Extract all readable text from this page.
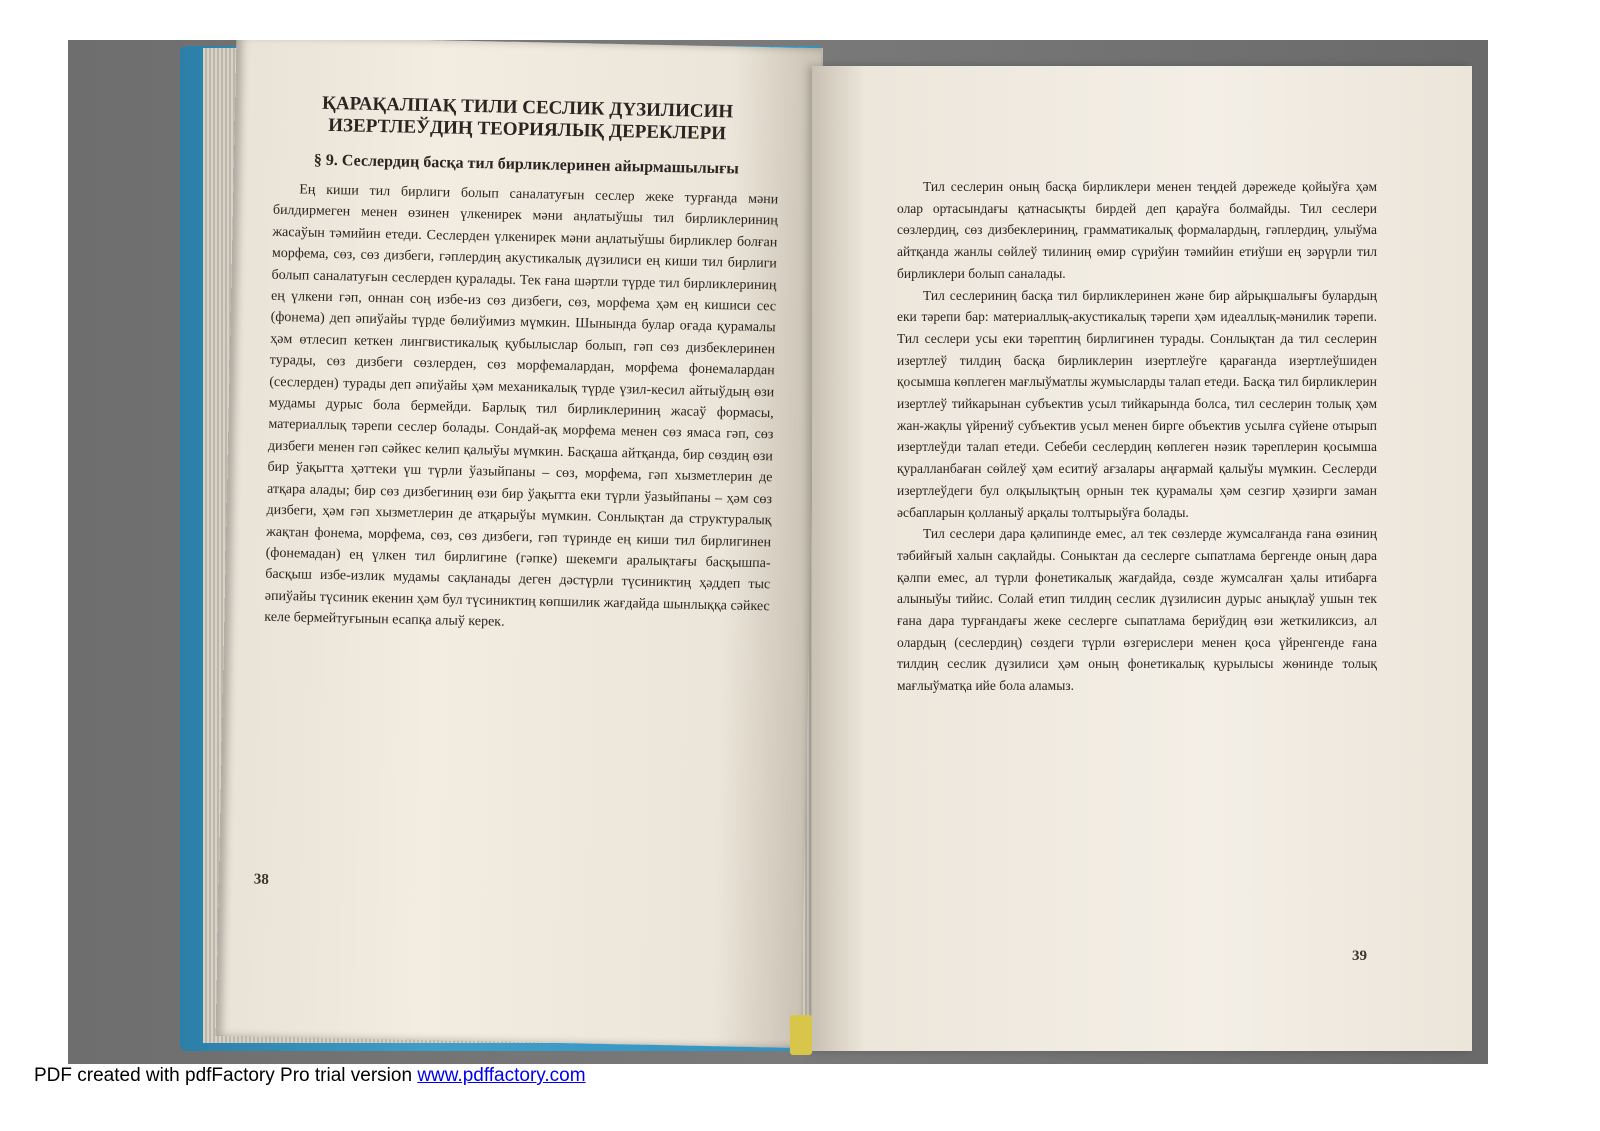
ҚАРАҚАЛПАҚ ТИЛИ СЕСЛИК ДҮЗИЛИСИН ИЗЕРТЛЕЎДИҢ ТЕОРИЯЛЫҚ ДЕРЕКЛЕРИ
§ 9. Сеслердиң басқа тил бирликлеринен айырмашылығы

Ең киши тил бирлиги болып саналатуғын сеслер жеке турғанда мәни билдирмеген менен өзинен үлкенирек мәни аңлатыўшы тил бирликлериниң жасаўын тәмийин етеди. Сеслерден үлкенирек мәни аңлатыўшы бирликлер болған морфема, сөз, сөз дизбеги, гәплердиң акустикалық дүзилиси ең киши тил бирлиги болып саналатуғын сеслерден қуралады. Тек ғана шәртли түрде тил бирликлериниң ең үлкени гәп, оннан соң избе-из сөз дизбеги, сөз, морфема ҳәм ең кишиси сес (фонема) деп әпиўайы түрде бөлиўимиз мүмкин. Шынында булар оғада қурамалы ҳәм өтлесип кеткен лингвистикалық қубылыслар болып, гәп сөз дизбеклеринен турады, сөз дизбеги сөзлерден, сөз морфемалардан, морфема фонемалардан (сеслерден) турады деп әпиўайы ҳәм механикалық түрде үзил-кесил айтыўдың өзи мудамы дурыс бола бермейди. Барлық тил бирликлериниң жасаў формасы, материаллық тәрепи сеслер болады. Сондай-ақ морфема менен сөз ямаса гәп, сөз дизбеги менен гәп сәйкес келип қалыўы мүмкин. Басқаша айтқанда, бир сөздиң өзи бир ўақытта ҳәттеки үш түрли ўазыйпаны – сөз, морфема, гәп хызметлерин де атқара алады; бир сөз дизбегиниң өзи бир ўақытта еки түрли ўазыйпаны – ҳәм сөз дизбеги, ҳәм гәп хызметлерин де атқарыўы мүмкин. Сонлықтан да структуралық жақтан фонема, морфема, сөз, сөз дизбеги, гәп түринде ең киши тил бирлигинен (фонемадан) ең үлкен тил бирлигине (гәпке) шекемги аралықтағы басқышпа-басқыш избе-излик мудамы сақланады деген дәстүрли түсиниктиң ҳәддеп тыс әпиўайы түсиник екенин ҳәм бул түсиниктиң көпшилик жағдайда шынлыққа сәйкес келе бермейтуғынын есапқа алыў керек.

38

Тил сеслерин оның басқа бирликлери менен теңдей дәрежеде қойыўға ҳәм олар ортасындағы қатнасықты бирдей деп қараўға болмайды. Тил сеслери сөзлердиң, сөз дизбеклериниң, грамматикалық формалардың, гәплердиң, улыўма айтқанда жанлы сөйлеў тилиниң өмир сүриўин тәмийин етиўши ең зәрүрли тил бирликлери болып саналады.

Тил сеслериниң басқа тил бирликлеринен және бир айрықшалығы булардың еки тәрепи бар: материаллық-акустикалық тәрепи ҳәм идеаллық-мәнилик тәрепи. Тил сеслери усы еки тәрептиң бирлигинен турады. Сонлықтан да тил сеслерин изертлеў тилдиң басқа бирликлерин изертлеўге қарағанда изертлеўшиден қосымша көплеген мағлыўматлы жумысларды талап етеди. Басқа тил бирликлерин изертлеў тийкарынан субъектив усыл тийкарында болса, тил сеслерин толық ҳәм жан-жақлы үйрениў субъектив усыл менен бирге объектив усылға сүйене отырып изертлеўди талап етеди. Себеби сеслердиң көплеген нәзик тәреплерин қосымша қуралланбаған сөйлеў ҳәм еситиў ағзалары аңғармай қалыўы мүмкин. Сеслерди изертлеўдеги бул олқылықтың орнын тек қурамалы ҳәм сезгир ҳәзирги заман әсбапларын қолланыў арқалы толтырыўға болады.

Тил сеслери дара қәлипинде емес, ал тек сөзлерде жумсалғанда ғана өзиниң тәбийғый халын сақлайды. Соныктан да сеслерге сыпатлама бергенде оның дара қәлпи емес, ал түрли фонетикалық жағдайда, сөзде жумсалған ҳалы итибарға алыныўы тийис. Солай етип тилдиң сеслик дүзилисин дурыс анықлаў ушын тек ғана дара турғандағы жеке сеслерге сыпатлама бериўдиң өзи жеткиликсиз, ал олардың (сеслердиң) сөздеги түрли өзгерислери менен қоса үйренгенде ғана тилдиң сеслик дүзилиси ҳәм оның фонетикалық қурылысы жөнинде толық мағлыўматқа ийе бола аламыз.

39
PDF created with pdfFactory Pro trial version www.pdffactory.com
